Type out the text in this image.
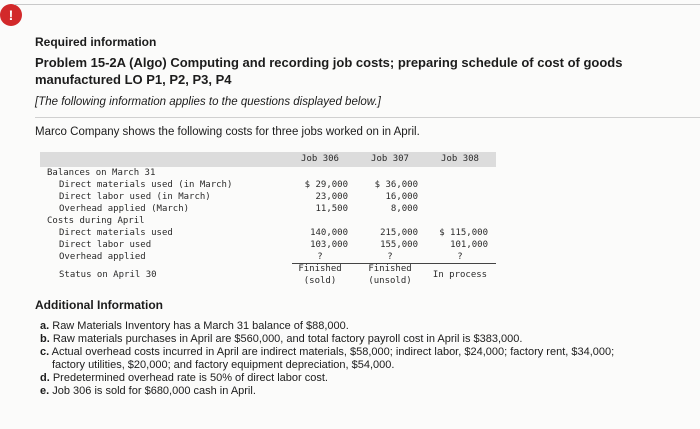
!
Required information
Problem 15-2A (Algo) Computing and recording job costs; preparing schedule of cost of goods manufactured LO P1, P2, P3, P4
[The following information applies to the questions displayed below.]
Marco Company shows the following costs for three jobs worked on in April.
Job 306	Job 307	Job 308
Balances on March 31
Direct materials used (in March)
Direct labor used (in March)
Overhead applied (March)
Costs during April
Direct materials used
Direct labor used
Overhead applied
Status on April 30
$ 29,000
23,000
11,500
140,000
103,000
?
Finished
(sold)
$ 36,000
16,000
8,000
215,000
155,000
?
Finished
(unsold)
$ 115,000
101,000
?
In process
Additional Information

a. Raw Materials Inventory has a March 31 balance of $88,000.

b. Raw materials purchases in April are $560,000, and total factory payroll cost in April is $383,000.

c. Actual overhead costs incurred in April are indirect materials, $58,000; indirect labor, $24,000; factory rent, $34,000;
factory utilities, $20,000; and factory equipment depreciation, $54,000.

d. Predetermined overhead rate is 50% of direct labor cost.

e. Job 306 is sold for $680,000 cash in April.
